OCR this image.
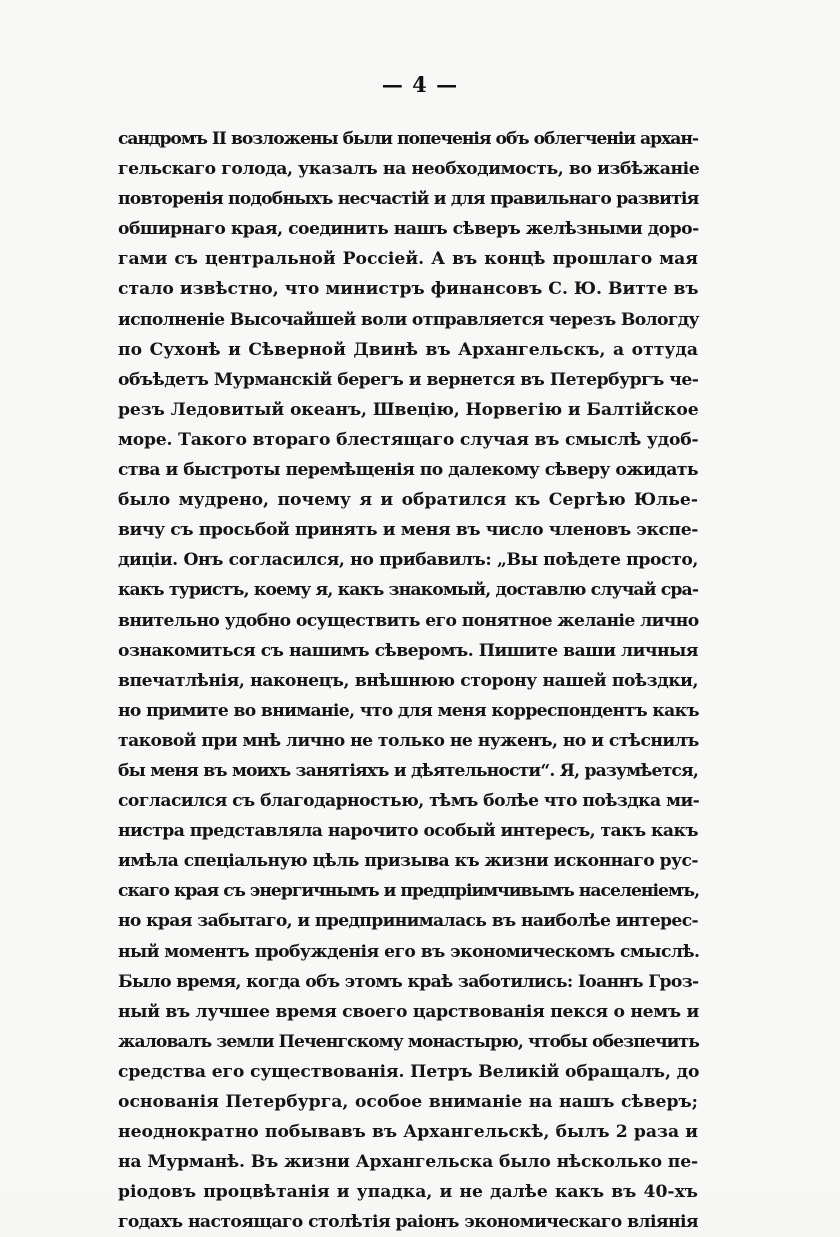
— 4 —
сандромъ II возложены были попеченія объ облегченіи архан-
гельскаго голода, указалъ на необходимость, во избѣжаніе
повторенія подобныхъ несчастій и для правильнаго развитія
обширнаго края, соединить нашъ сѣверъ желѣзными доро-
гами съ центральной Россіей. А въ концѣ прошлаго мая
стало извѣстно, что министръ финансовъ С. Ю. Витте въ
исполненіе Высочайшей воли отправляется черезъ Вологду
по Сухонѣ и Сѣверной Двинѣ въ Архангельскъ, а оттуда
объѣдетъ Мурманскій берегъ и вернется въ Петербургъ че-
резъ Ледовитый океанъ, Швецію, Норвегію и Балтійское
море. Такого втораго блестящаго случая въ смыслѣ удоб-
ства и быстроты перемѣщенія по далекому сѣверу ожидать
было мудрено, почему я и обратился къ Сергѣю Юлье-
вичу съ просьбой принять и меня въ число членовъ экспе-
диціи. Онъ согласился, но прибавилъ: „Вы поѣдете просто,
какъ туристъ, коему я, какъ знакомый, доставлю случай сра-
внительно удобно осуществить его понятное желаніе лично
ознакомиться съ нашимъ сѣверомъ. Пишите ваши личныя
впечатлѣнія, наконецъ, внѣшнюю сторону нашей поѣздки,
но примите во вниманіе, что для меня корреспондентъ какъ
таковой при мнѣ лично не только не нуженъ, но и стѣснилъ
бы меня въ моихъ занятіяхъ и дѣятельности“. Я, разумѣется,
согласился съ благодарностью, тѣмъ болѣе что поѣздка ми-
нистра представляла нарочито особый интересъ, такъ какъ
имѣла спеціальную цѣль призыва къ жизни исконнаго рус-
скаго края съ энергичнымъ и предпріимчивымъ населеніемъ,
но края забытаго, и предпринималась въ наиболѣе интерес-
ный моментъ пробужденія его въ экономическомъ смыслѣ.
Было время, когда объ этомъ краѣ заботились: Іоаннъ Гроз-
ный въ лучшее время своего царствованія пекся о немъ и
жаловалъ земли Печенгскому монастырю, чтобы обезпечить
средства его существованія. Петръ Великій обращалъ, до
основанія Петербурга, особое вниманіе на нашъ сѣверъ;
неоднократно побывавъ въ Архангельскѣ, былъ 2 раза и
на Мурманѣ. Въ жизни Архангельска было нѣсколько пе-
ріодовъ процвѣтанія и упадка, и не далѣе какъ въ 40-хъ
годахъ настоящаго столѣтія раіонъ экономическаго вліянія
